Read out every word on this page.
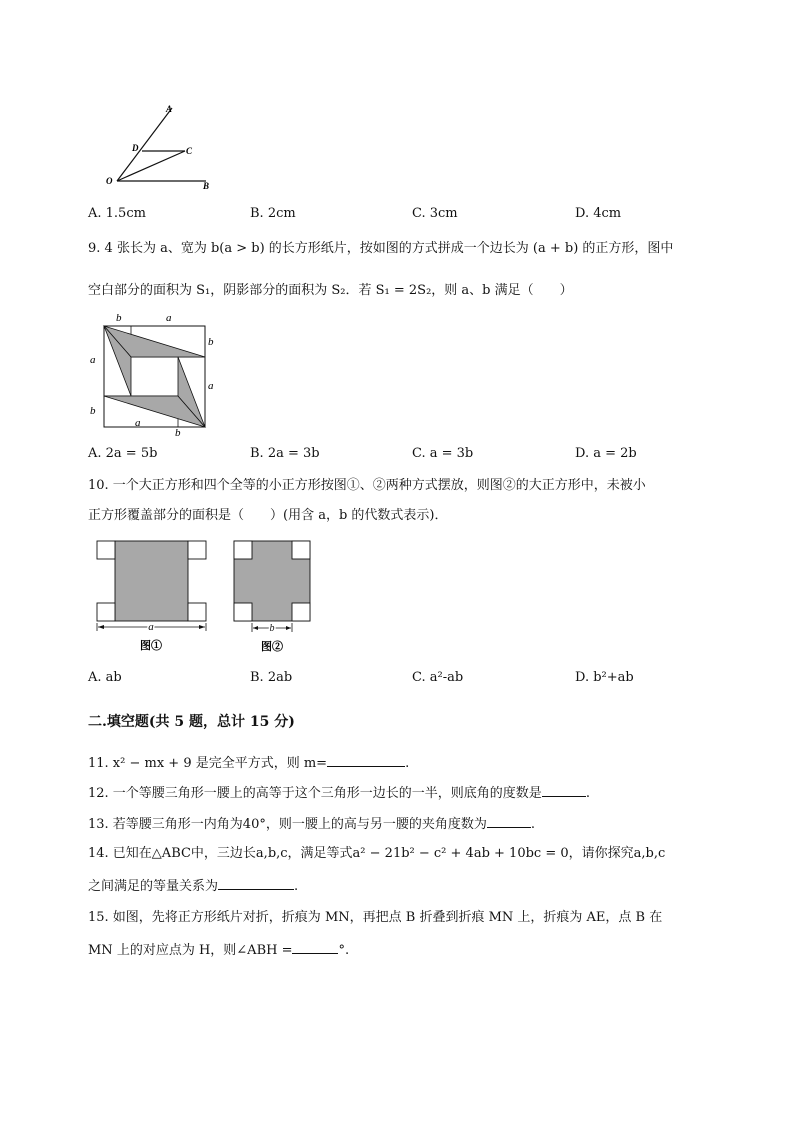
A
D	C
O	B
A. 1.5cm	B. 2cm	C. 3cm	D. 4cm
9. 4 张长为 a、宽为 b(a > b) 的长方形纸片，按如图的方式拼成一个边长为 (a + b) 的正方形，图中
空白部分的面积为 S₁，阴影部分的面积为 S₂．若 S₁ = 2S₂，则 a、b 满足（　　）
b	a
a
b
b
a
a
b
A. 2a = 5b	B. 2a = 3b	C. a = 3b	D. a = 2b
10. 一个大正方形和四个全等的小正方形按图①、②两种方式摆放，则图②的大正方形中，未被小
正方形覆盖部分的面积是（　　）(用含 a，b 的代数式表示)．
a
图①
b
图②
A. ab	B. 2ab	C. a²-ab	D. b²+ab
二.填空题(共 5 题，总计 15 分)
11. x² − mx + 9 是完全平方式，则 m=	.
12. 一个等腰三角形一腰上的高等于这个三角形一边长的一半，则底角的度数是	.
13. 若等腰三角形一内角为40°，则一腰上的高与另一腰的夹角度数为	.
14. 已知在△ABC中，三边长a,b,c，满足等式a² − 21b² − c² + 4ab + 10bc = 0，请你探究a,b,c
之间满足的等量关系为	.
15. 如图，先将正方形纸片对折，折痕为 MN，再把点 B 折叠到折痕 MN 上，折痕为 AE，点 B 在
MN 上的对应点为 H，则∠ABH =	°.
